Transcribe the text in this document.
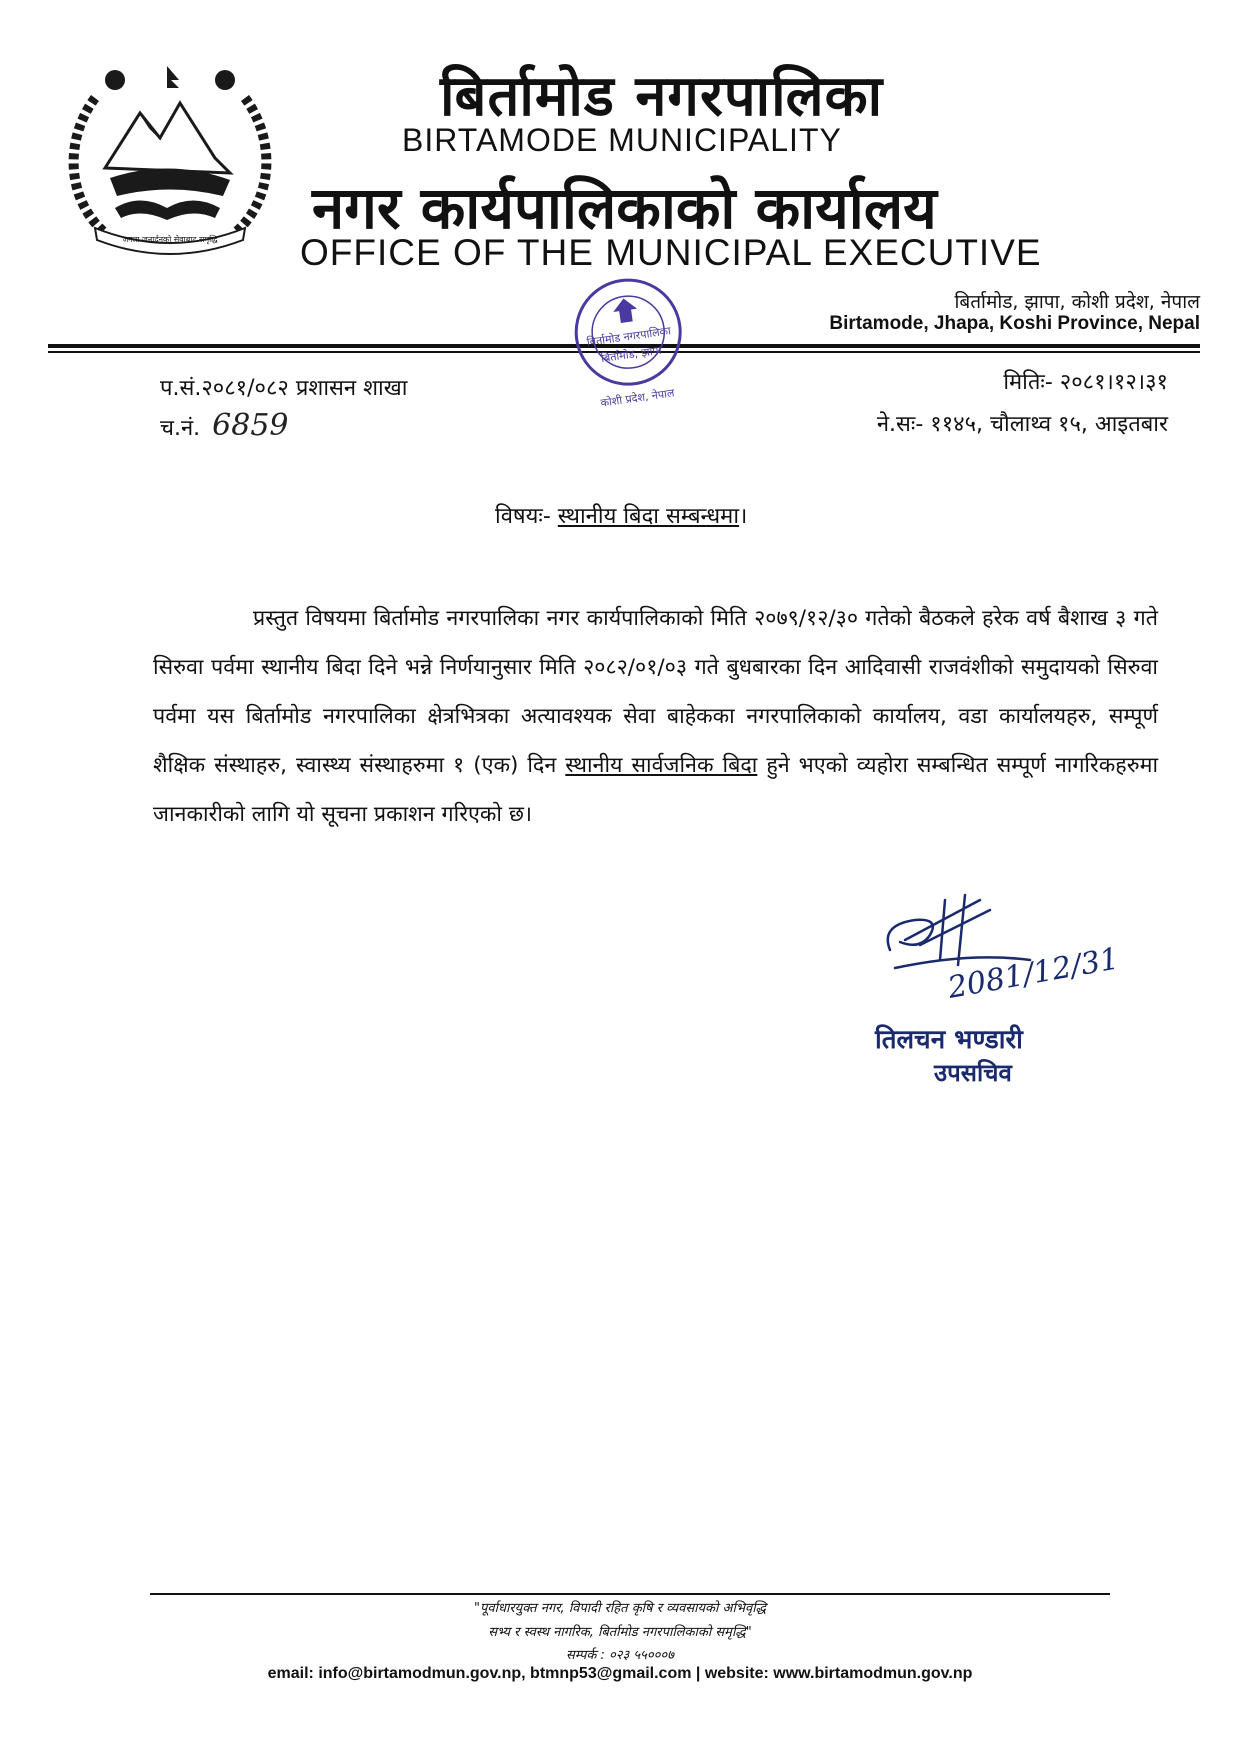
जनता जनार्दनको सेवाबाट समृद्धि
बिर्तामोड नगरपालिका
BIRTAMODE MUNICIPALITY
नगर कार्यपालिकाको कार्यालय
OFFICE OF THE MUNICIPAL EXECUTIVE
बिर्तामोड, झापा, कोशी प्रदेश, नेपाल
Birtamode, Jhapa, Koshi Province, Nepal
बिर्तामोड नगरपालिका
बिर्तामोड, झापा
कोशी प्रदेश, नेपाल
प.सं.२०८१/०८२ प्रशासन शाखा
च.नं. 6859
मितिः- २०८१।१२।३१
ने.सः- ११४५, चौलाथ्व १५, आइतबार
विषयः- स्थानीय बिदा सम्बन्धमा।
प्रस्तुत विषयमा बिर्तामोड नगरपालिका नगर कार्यपालिकाको मिति २०७९/१२/३० गतेको बैठकले हरेक वर्ष बैशाख ३ गते सिरुवा पर्वमा स्थानीय बिदा दिने भन्ने निर्णयानुसार मिति २०८२/०१/०३ गते बुधबारका दिन आदिवासी राजवंशीको समुदायको सिरुवा पर्वमा यस बिर्तामोड नगरपालिका क्षेत्रभित्रका अत्यावश्यक सेवा बाहेकका नगरपालिकाको कार्यालय, वडा कार्यालयहरु, सम्पूर्ण शैक्षिक संस्थाहरु, स्वास्थ्य संस्थाहरुमा १ (एक) दिन स्थानीय सार्वजनिक बिदा हुने भएको व्यहोरा सम्बन्धित सम्पूर्ण नागरिकहरुमा जानकारीको लागि यो सूचना प्रकाशन गरिएको छ।
2081/12/31
तिलचन भण्डारी
उपसचिव
"पूर्वाधारयुक्त नगर, विपादी रहित कृषि र व्यवसायको अभिवृद्धि
सभ्य र स्वस्थ नागरिक, बिर्तामोड नगरपालिकाको समृद्धि"
सम्पर्क : ०२३ ५५०००७
email: info@birtamodmun.gov.np, btmnp53@gmail.com | website: www.birtamodmun.gov.np
